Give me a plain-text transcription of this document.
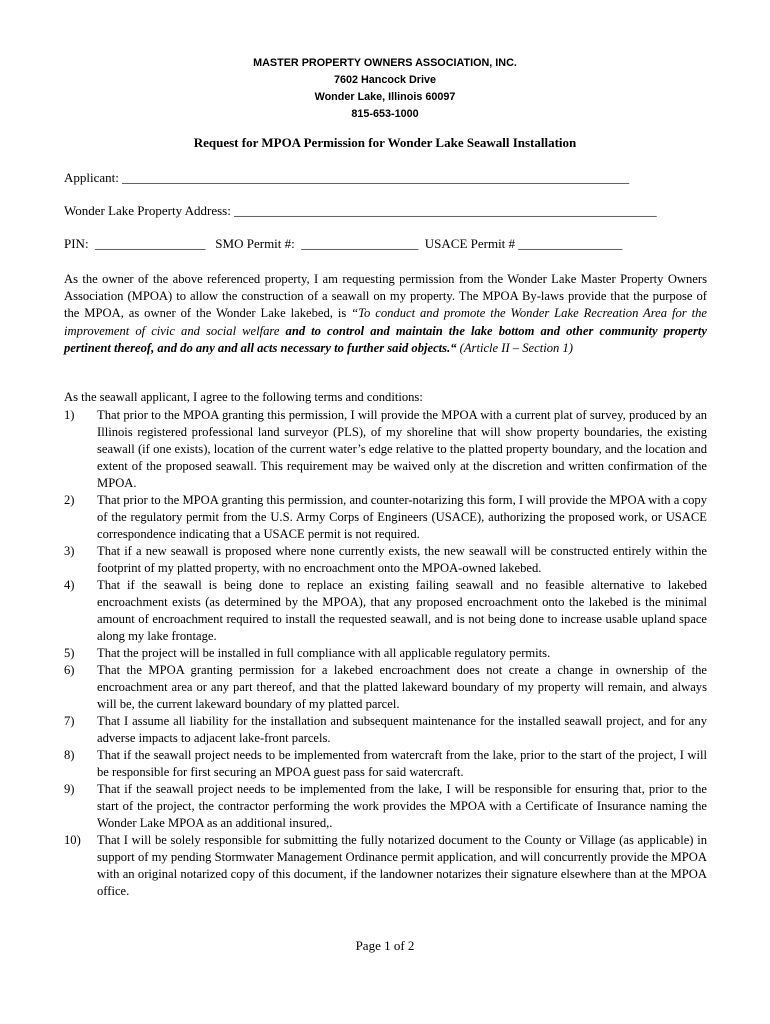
MASTER PROPERTY OWNERS ASSOCIATION, INC.
7602 Hancock Drive
Wonder Lake, Illinois 60097
815-653-1000
Request for MPOA Permission for Wonder Lake Seawall Installation
Applicant: ______________________________________________________________________________
Wonder Lake Property Address: _________________________________________________________________
PIN:  _________________   SMO Permit #:  __________________  USACE Permit # ________________
As the owner of the above referenced property, I am requesting permission from the Wonder Lake Master Property Owners Association (MPOA) to allow the construction of a seawall on my property. The MPOA By-laws provide that the purpose of the MPOA, as owner of the Wonder Lake lakebed, is “To conduct and promote the Wonder Lake Recreation Area for the improvement of civic and social welfare and to control and maintain the lake bottom and other community property pertinent thereof, and do any and all acts necessary to further said objects.“ (Article II – Section 1)
As the seawall applicant, I agree to the following terms and conditions:
1) That prior to the MPOA granting this permission, I will provide the MPOA with a current plat of survey, produced by an Illinois registered professional land surveyor (PLS), of my shoreline that will show property boundaries, the existing seawall (if one exists), location of the current water’s edge relative to the platted property boundary, and the location and extent of the proposed seawall. This requirement may be waived only at the discretion and written confirmation of the MPOA.
2) That prior to the MPOA granting this permission, and counter-notarizing this form, I will provide the MPOA with a copy of the regulatory permit from the U.S. Army Corps of Engineers (USACE), authorizing the proposed work, or USACE correspondence indicating that a USACE permit is not required.
3) That if a new seawall is proposed where none currently exists, the new seawall will be constructed entirely within the footprint of my platted property, with no encroachment onto the MPOA-owned lakebed.
4) That if the seawall is being done to replace an existing failing seawall and no feasible alternative to lakebed encroachment exists (as determined by the MPOA), that any proposed encroachment onto the lakebed is the minimal amount of encroachment required to install the requested seawall, and is not being done to increase usable upland space along my lake frontage.
5) That the project will be installed in full compliance with all applicable regulatory permits.
6) That the MPOA granting permission for a lakebed encroachment does not create a change in ownership of the encroachment area or any part thereof, and that the platted lakeward boundary of my property will remain, and always will be, the current lakeward boundary of my platted parcel.
7) That I assume all liability for the installation and subsequent maintenance for the installed seawall project, and for any adverse impacts to adjacent lake-front parcels.
8) That if the seawall project needs to be implemented from watercraft from the lake, prior to the start of the project, I will be responsible for first securing an MPOA guest pass for said watercraft.
9) That if the seawall project needs to be implemented from the lake, I will be responsible for ensuring that, prior to the start of the project, the contractor performing the work provides the MPOA with a Certificate of Insurance naming the Wonder Lake MPOA as an additional insured,.
10) That I will be solely responsible for submitting the fully notarized document to the County or Village (as applicable) in support of my pending Stormwater Management Ordinance permit application, and will concurrently provide the MPOA with an original notarized copy of this document, if the landowner notarizes their signature elsewhere than at the MPOA office.
Page 1 of 2
